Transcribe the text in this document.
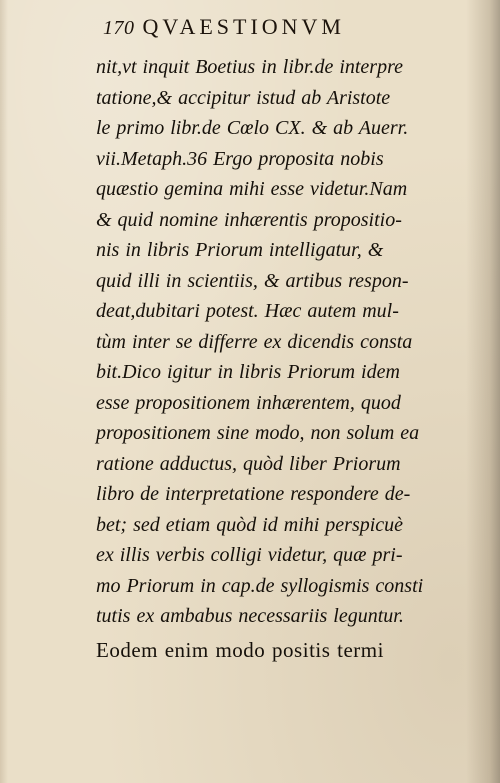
170 QVAESTIONVM
nit,vt inquit Boetius in libr.de interpre
tatione,& accipitur istud ab Aristote
le primo libr.de Cœlo CX. & ab Auerr.
vii.Metaph.36 Ergo proposita nobis
quæstio gemina mihi esse videtur.Nam
& quid nomine inhærentis propositio-
nis in libris Priorum intelligatur, &
quid illi in scientiis, & artibus respon-
deat,dubitari potest. Hæc autem mul-
tùm inter se differre ex dicendis consta
bit.Dico igitur in libris Priorum idem
esse propositionem inhærentem, quod
propositionem sine modo, non solum ea
ratione adductus, quòd liber Priorum
libro de interpretatione respondere de-
bet; sed etiam quòd id mihi perspicuè
ex illis verbis colligi videtur, quæ pri-
mo Priorum in cap.de syllogismis consti
tutis ex ambabus necessariis leguntur.
Eodem enim modo positis termi
